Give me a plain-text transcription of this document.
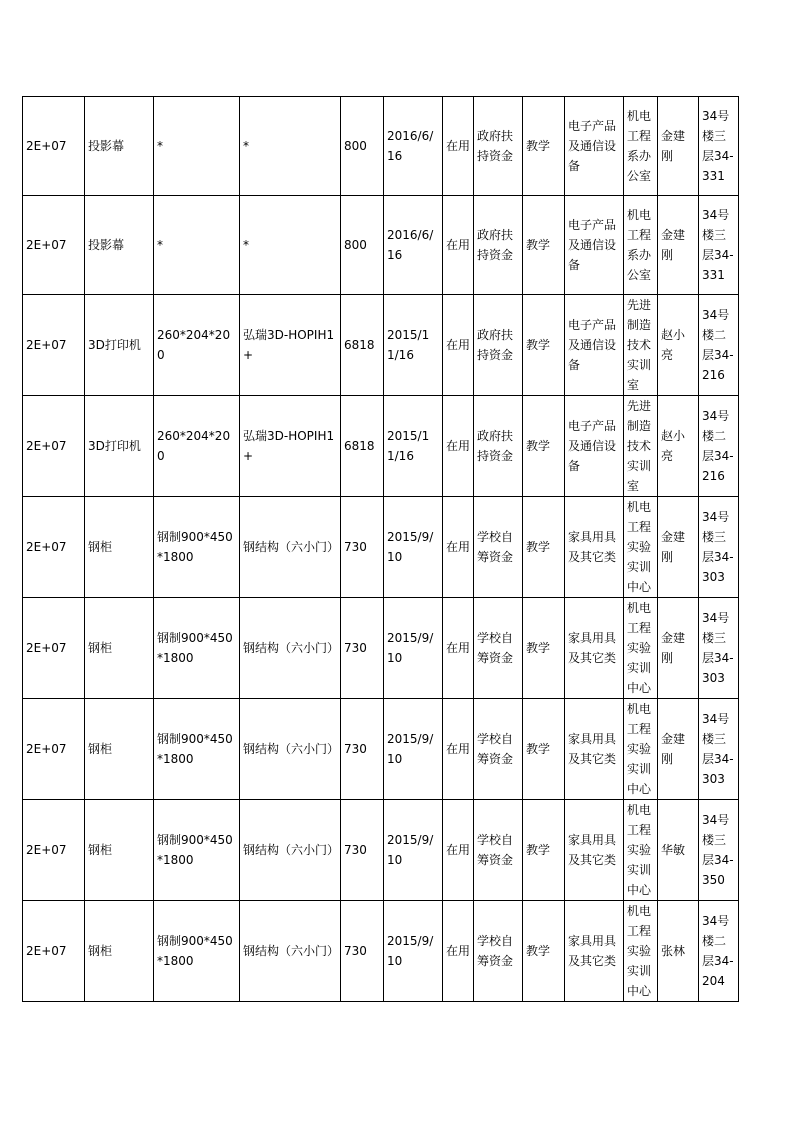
2E+07	投影幕	*	*	800	2016/6/16	在用	政府扶持资金	教学	电子产品及通信设备	机电工程系办公室	金建刚	34号楼三层34-331
2E+07	投影幕	*	*	800	2016/6/16	在用	政府扶持资金	教学	电子产品及通信设备	机电工程系办公室	金建刚	34号楼三层34-331
2E+07	3D打印机	260*204*200	弘瑞3D-HOPIH1+	6818	2015/11/16	在用	政府扶持资金	教学	电子产品及通信设备	先进制造技术实训室	赵小亮	34号楼二层34-216
2E+07	3D打印机	260*204*200	弘瑞3D-HOPIH1+	6818	2015/11/16	在用	政府扶持资金	教学	电子产品及通信设备	先进制造技术实训室	赵小亮	34号楼二层34-216
2E+07	钢柜	钢制900*450*1800	钢结构（六小门）	730	2015/9/10	在用	学校自筹资金	教学	家具用具及其它类	机电工程实验实训中心	金建刚	34号楼三层34-303
2E+07	钢柜	钢制900*450*1800	钢结构（六小门）	730	2015/9/10	在用	学校自筹资金	教学	家具用具及其它类	机电工程实验实训中心	金建刚	34号楼三层34-303
2E+07	钢柜	钢制900*450*1800	钢结构（六小门）	730	2015/9/10	在用	学校自筹资金	教学	家具用具及其它类	机电工程实验实训中心	金建刚	34号楼三层34-303
2E+07	钢柜	钢制900*450*1800	钢结构（六小门）	730	2015/9/10	在用	学校自筹资金	教学	家具用具及其它类	机电工程实验实训中心	华敏	34号楼三层34-350
2E+07	钢柜	钢制900*450*1800	钢结构（六小门）	730	2015/9/10	在用	学校自筹资金	教学	家具用具及其它类	机电工程实验实训中心	张林	34号楼二层34-204
